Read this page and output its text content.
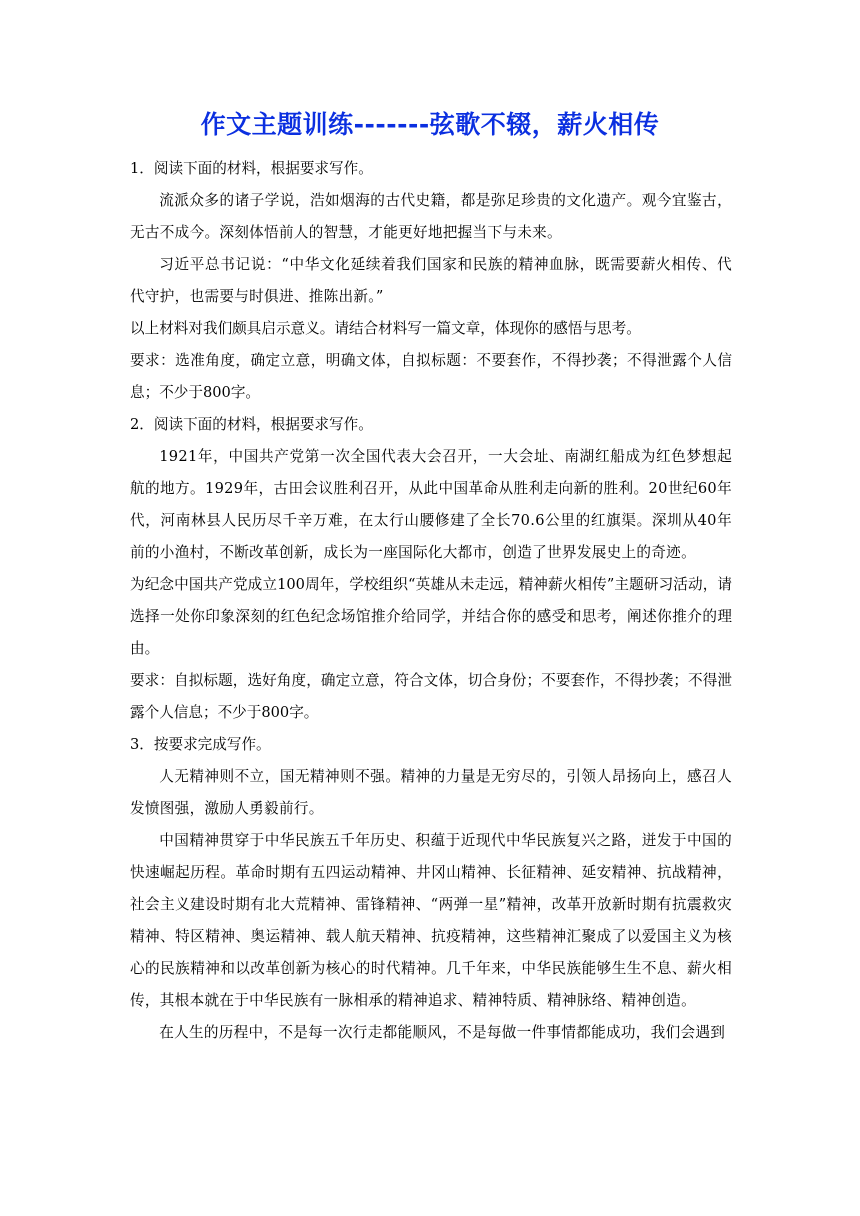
作文主题训练-------弦歌不辍，薪火相传

1．阅读下面的材料，根据要求写作。

流派众多的诸子学说，浩如烟海的古代史籍，都是弥足珍贵的文化遗产。观今宜鉴古，无古不成今。深刻体悟前人的智慧，才能更好地把握当下与未来。

习近平总书记说：“中华文化延续着我们国家和民族的精神血脉，既需要薪火相传、代代守护，也需要与时俱进、推陈出新。”

以上材料对我们颇具启示意义。请结合材料写一篇文章，体现你的感悟与思考。

要求：选准角度，确定立意，明确文体，自拟标题：不要套作，不得抄袭；不得泄露个人信息；不少于800字。

2．阅读下面的材料，根据要求写作。

1921年，中国共产党第一次全国代表大会召开，一大会址、南湖红船成为红色梦想起航的地方。1929年，古田会议胜利召开，从此中国革命从胜利走向新的胜利。20世纪60年代，河南林县人民历尽千辛万难，在太行山腰修建了全长70.6公里的红旗渠。深圳从40年前的小渔村，不断改革创新，成长为一座国际化大都市，创造了世界发展史上的奇迹。

为纪念中国共产党成立100周年，学校组织“英雄从未走远，精神薪火相传”主题研习活动，请选择一处你印象深刻的红色纪念场馆推介给同学，并结合你的感受和思考，阐述你推介的理由。

要求：自拟标题，选好角度，确定立意，符合文体，切合身份；不要套作，不得抄袭；不得泄露个人信息；不少于800字。

3．按要求完成写作。

人无精神则不立，国无精神则不强。精神的力量是无穷尽的，引领人昂扬向上，感召人发愤图强，激励人勇毅前行。

中国精神贯穿于中华民族五千年历史、积蕴于近现代中华民族复兴之路，迸发于中国的快速崛起历程。革命时期有五四运动精神、井冈山精神、长征精神、延安精神、抗战精神，社会主义建设时期有北大荒精神、雷锋精神、“两弹一星”精神，改革开放新时期有抗震救灾精神、特区精神、奥运精神、载人航天精神、抗疫精神，这些精神汇聚成了以爱国主义为核心的民族精神和以改革创新为核心的时代精神。几千年来，中华民族能够生生不息、薪火相传，其根本就在于中华民族有一脉相承的精神追求、精神特质、精神脉络、精神创造。

在人生的历程中，不是每一次行走都能顺风，不是每做一件事情都能成功，我们会遇到
